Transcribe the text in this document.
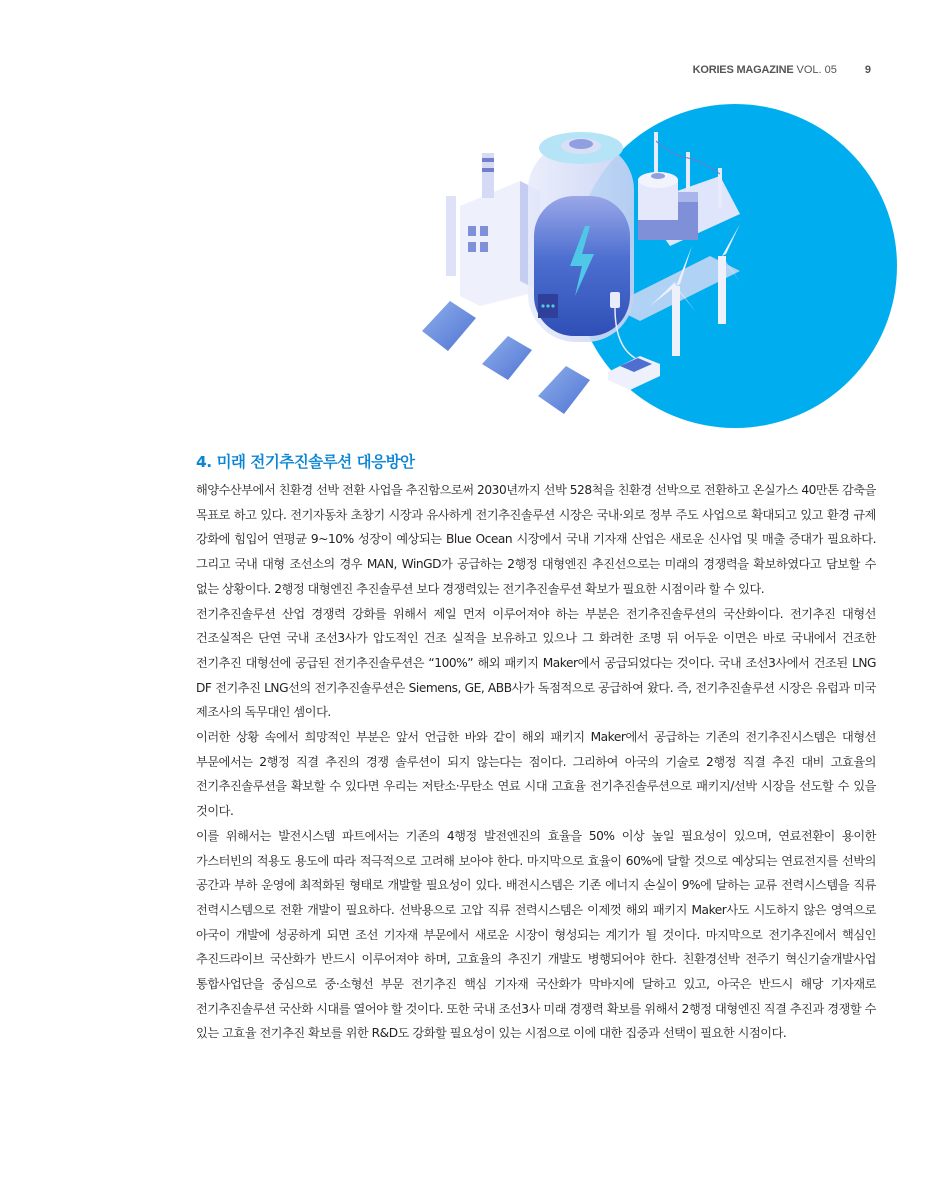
KORIES MAGAZINE VOL. 05	9
4. 미래 전기추진솔루션 대응방안

해양수산부에서 친환경 선박 전환 사업을 추진함으로써 2030년까지 선박 528척을 친환경 선박으로 전환하고 온실가스 40만톤 감축을 목표로 하고 있다. 전기자동차 초창기 시장과 유사하게 전기추진솔루션 시장은 국내·외로 정부 주도 사업으로 확대되고 있고 환경 규제 강화에 힘입어 연평균 9~10% 성장이 예상되는 Blue Ocean 시장에서 국내 기자재 산업은 새로운 신사업 및 매출 증대가 필요하다. 그리고 국내 대형 조선소의 경우 MAN, WinGD가 공급하는 2행정 대형엔진 추진선으로는 미래의 경쟁력을 확보하였다고 담보할 수 없는 상황이다. 2행정 대형엔진 추진솔루션 보다 경쟁력있는 전기추진솔루션 확보가 필요한 시점이라 할 수 있다.

전기추진솔루션 산업 경쟁력 강화를 위해서 제일 먼저 이루어져야 하는 부분은 전기추진솔루션의 국산화이다. 전기추진 대형선 건조실적은 단연 국내 조선3사가 압도적인 건조 실적을 보유하고 있으나 그 화려한 조명 뒤 어두운 이면은 바로 국내에서 건조한 전기추진 대형선에 공급된 전기추진솔루션은 “100%” 해외 패키지 Maker에서 공급되었다는 것이다. 국내 조선3사에서 건조된 LNG DF 전기추진 LNG선의 전기추진솔루션은 Siemens, GE, ABB사가 독점적으로 공급하여 왔다. 즉, 전기추진솔루션 시장은 유럽과 미국 제조사의 독무대인 셈이다.

이러한 상황 속에서 희망적인 부분은 앞서 언급한 바와 같이 해외 패키지 Maker에서 공급하는 기존의 전기추진시스템은 대형선 부문에서는 2행정 직결 추진의 경쟁 솔루션이 되지 않는다는 점이다. 그리하여 아국의 기술로 2행정 직결 추진 대비 고효율의 전기추진솔루션을 확보할 수 있다면 우리는 저탄소·무탄소 연료 시대 고효율 전기추진솔루션으로 패키지/선박 시장을 선도할 수 있을 것이다.

이를 위해서는 발전시스템 파트에서는 기존의 4행정 발전엔진의 효율을 50% 이상 높일 필요성이 있으며, 연료전환이 용이한 가스터빈의 적용도 용도에 따라 적극적으로 고려해 보아야 한다. 마지막으로 효율이 60%에 달할 것으로 예상되는 연료전지를 선박의 공간과 부하 운영에 최적화된 형태로 개발할 필요성이 있다. 배전시스템은 기존 에너지 손실이 9%에 달하는 교류 전력시스템을 직류 전력시스템으로 전환 개발이 필요하다. 선박용으로 고압 직류 전력시스템은 이제껏 해외 패키지 Maker사도 시도하지 않은 영역으로 아국이 개발에 성공하게 되면 조선 기자재 부문에서 새로운 시장이 형성되는 계기가 될 것이다. 마지막으로 전기추진에서 핵심인 추진드라이브 국산화가 반드시 이루어져야 하며, 고효율의 추진기 개발도 병행되어야 한다. 친환경선박 전주기 혁신기술개발사업 통합사업단을 중심으로 중·소형선 부문 전기추진 핵심 기자재 국산화가 막바지에 달하고 있고, 아국은 반드시 해당 기자재로 전기추진솔루션 국산화 시대를 열어야 할 것이다. 또한 국내 조선3사 미래 경쟁력 확보를 위해서 2행정 대형엔진 직결 추진과 경쟁할 수 있는 고효율 전기추진 확보를 위한 R&D도 강화할 필요성이 있는 시점으로 이에 대한 집중과 선택이 필요한 시점이다.
